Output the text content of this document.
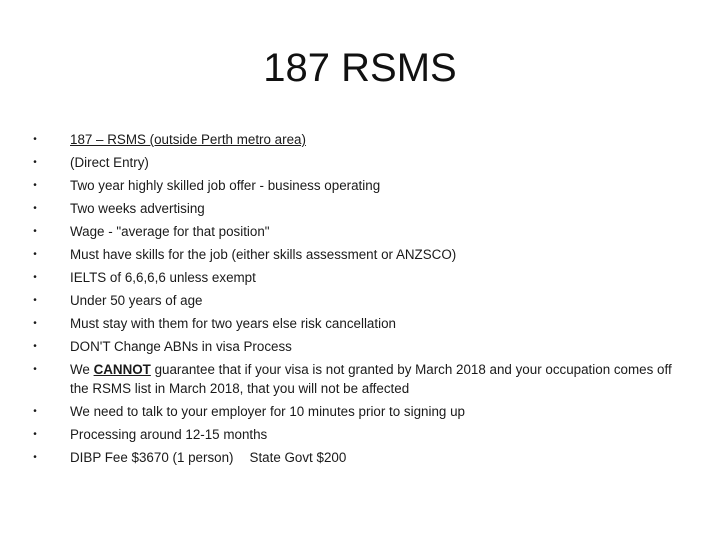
187 RSMS
• 187 – RSMS (outside Perth metro area)
• (Direct Entry)
• Two year highly skilled job offer - business operating
• Two weeks advertising
• Wage - "average for that position"
• Must have skills for the job (either skills assessment or ANZSCO)
• IELTS of 6,6,6,6 unless exempt
• Under 50 years of age
• Must stay with them for two years else risk cancellation
• DON'T Change ABNs in visa Process
• We CANNOT guarantee that if your visa is not granted by March 2018 and your occupation comes off the RSMS list in March 2018, that you will not be affected
• We need to talk to your employer for 10 minutes prior to signing up
• Processing around 12-15 months
• DIBP Fee $3670 (1 person) State Govt $200
